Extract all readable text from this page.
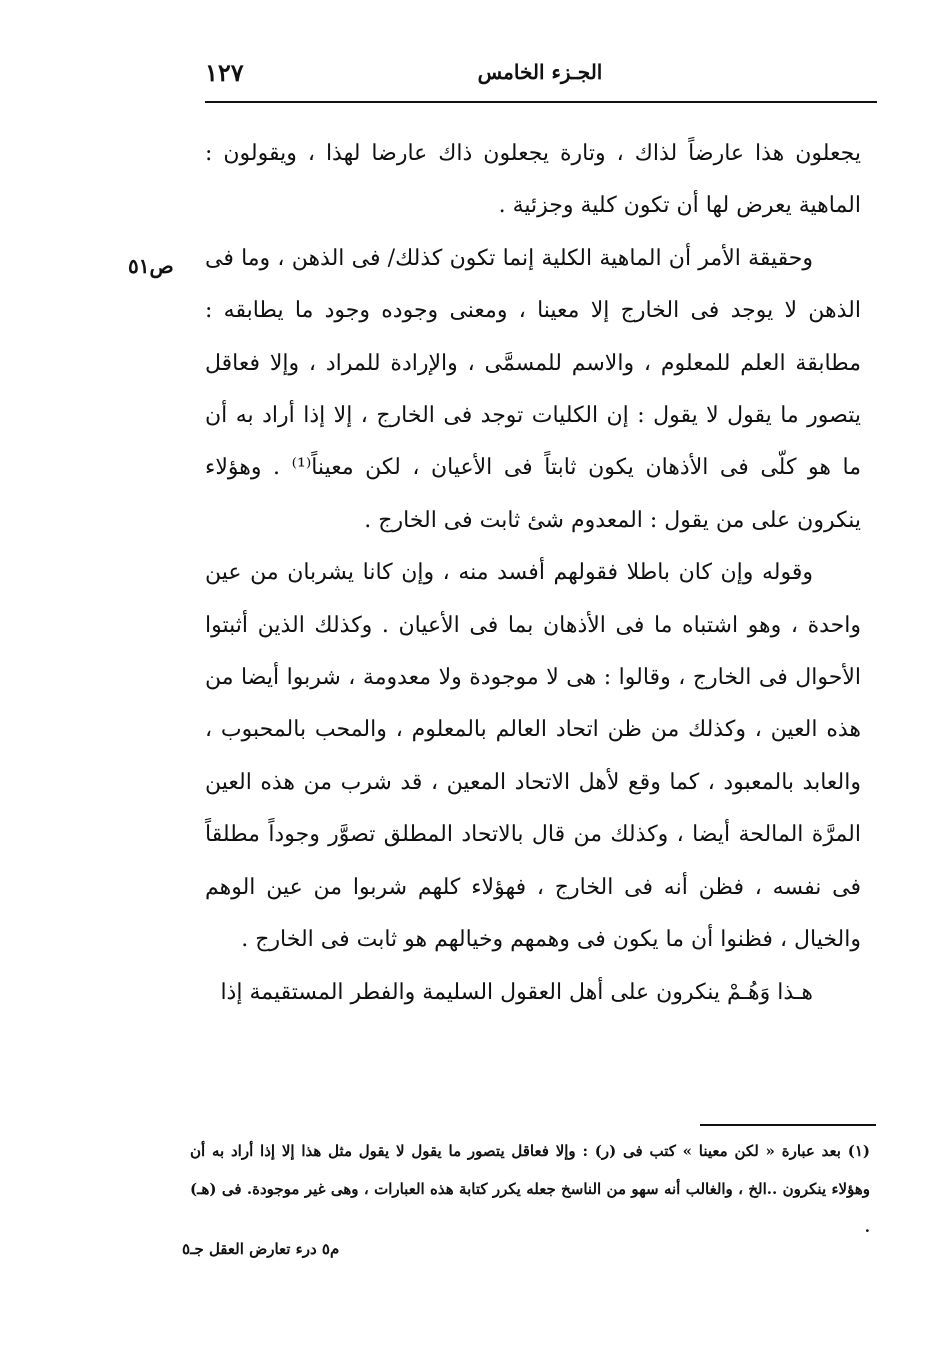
١٢٧	الجـزء الخامس
ص٥١

يجعلون هذا عارضاً لذاك ، وتارة يجعلون ذاك عارضا لهذا ، ويقولون : الماهية يعرض لها أن تكون كلية وجزئية .

وحقيقة الأمر أن الماهية الكلية إنما تكون كذلك/ فى الذهن ، وما فى الذهن لا يوجد فى الخارج إلا معينا ، ومعنى وجوده وجود ما يطابقه : مطابقة العلم للمعلوم ، والاسم للمسمَّى ، والإرادة للمراد ، وإلا فعاقل يتصور ما يقول لا يقول : إن الكليات توجد فى الخارج ، إلا إذا أراد به أن ما هو كلّى فى الأذهان يكون ثابتاً فى الأعيان ، لكن معيناً⁽¹⁾ . وهؤلاء ينكرون على من يقول : المعدوم شئ ثابت فى الخارج .

وقوله وإن كان باطلا فقولهم أفسد منه ، وإن كانا يشربان من عين واحدة ، وهو اشتباه ما فى الأذهان بما فى الأعيان . وكذلك الذين أثبتوا الأحوال فى الخارج ، وقالوا : هى لا موجودة ولا معدومة ، شربوا أيضا من هذه العين ، وكذلك من ظن اتحاد العالم بالمعلوم ، والمحب بالمحبوب ، والعابد بالمعبود ، كما وقع لأهل الاتحاد المعين ، قد شرب من هذه العين المرَّة المالحة أيضا ، وكذلك من قال بالاتحاد المطلق تصوَّر وجوداً مطلقاً فى نفسه ، فظن أنه فى الخارج ، فهؤلاء كلهم شربوا من عين الوهم والخيال ، فظنوا أن ما يكون فى وهمهم وخيالهم هو ثابت فى الخارج .

هـذا وَهُـمْ ينكرون على أهل العقول السليمة والفطر المستقيمة إذا

(١) بعد عبارة « لكن معينا » كتب فى (ر) : وإلا فعاقل يتصور ما يقول لا يقول مثل هذا إلا إذا أراد به أن وهؤلاء ينكرون ..الخ ، والغالب أنه سهو من الناسخ جعله يكرر كتابة هذه العبارات ، وهى غير موجودة. فى (هـ) .

م٥ درء تعارض العقل جـ٥
